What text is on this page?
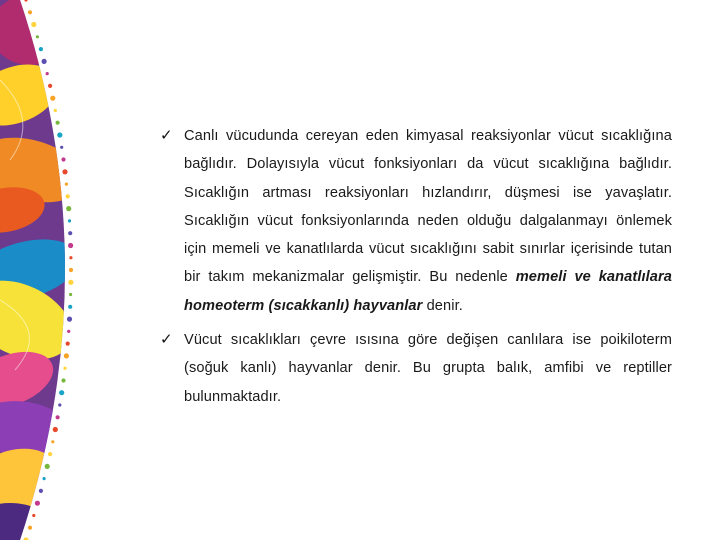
✓ Canlı vücudunda cereyan eden kimyasal reaksiyonlar vücut sıcaklığına bağlıdır. Dolayısıyla vücut fonksiyonları da vücut sıcaklığına bağlıdır. Sıcaklığın artması reaksiyonları hızlandırır, düşmesi ise yavaşlatır. Sıcaklığın vücut fonksiyonlarında neden olduğu dalgalanmayı önlemek için memeli ve kanatlılarda vücut sıcaklığını sabit sınırlar içerisinde tutan bir takım mekanizmalar gelişmiştir. Bu nedenle memeli ve kanatlılara homeoterm (sıcakkanlı) hayvanlar denir.

✓ Vücut sıcaklıkları çevre ısısına göre değişen canlılara ise poikiloterm (soğuk kanlı) hayvanlar denir. Bu grupta balık, amfibi ve reptiller bulunmaktadır.
